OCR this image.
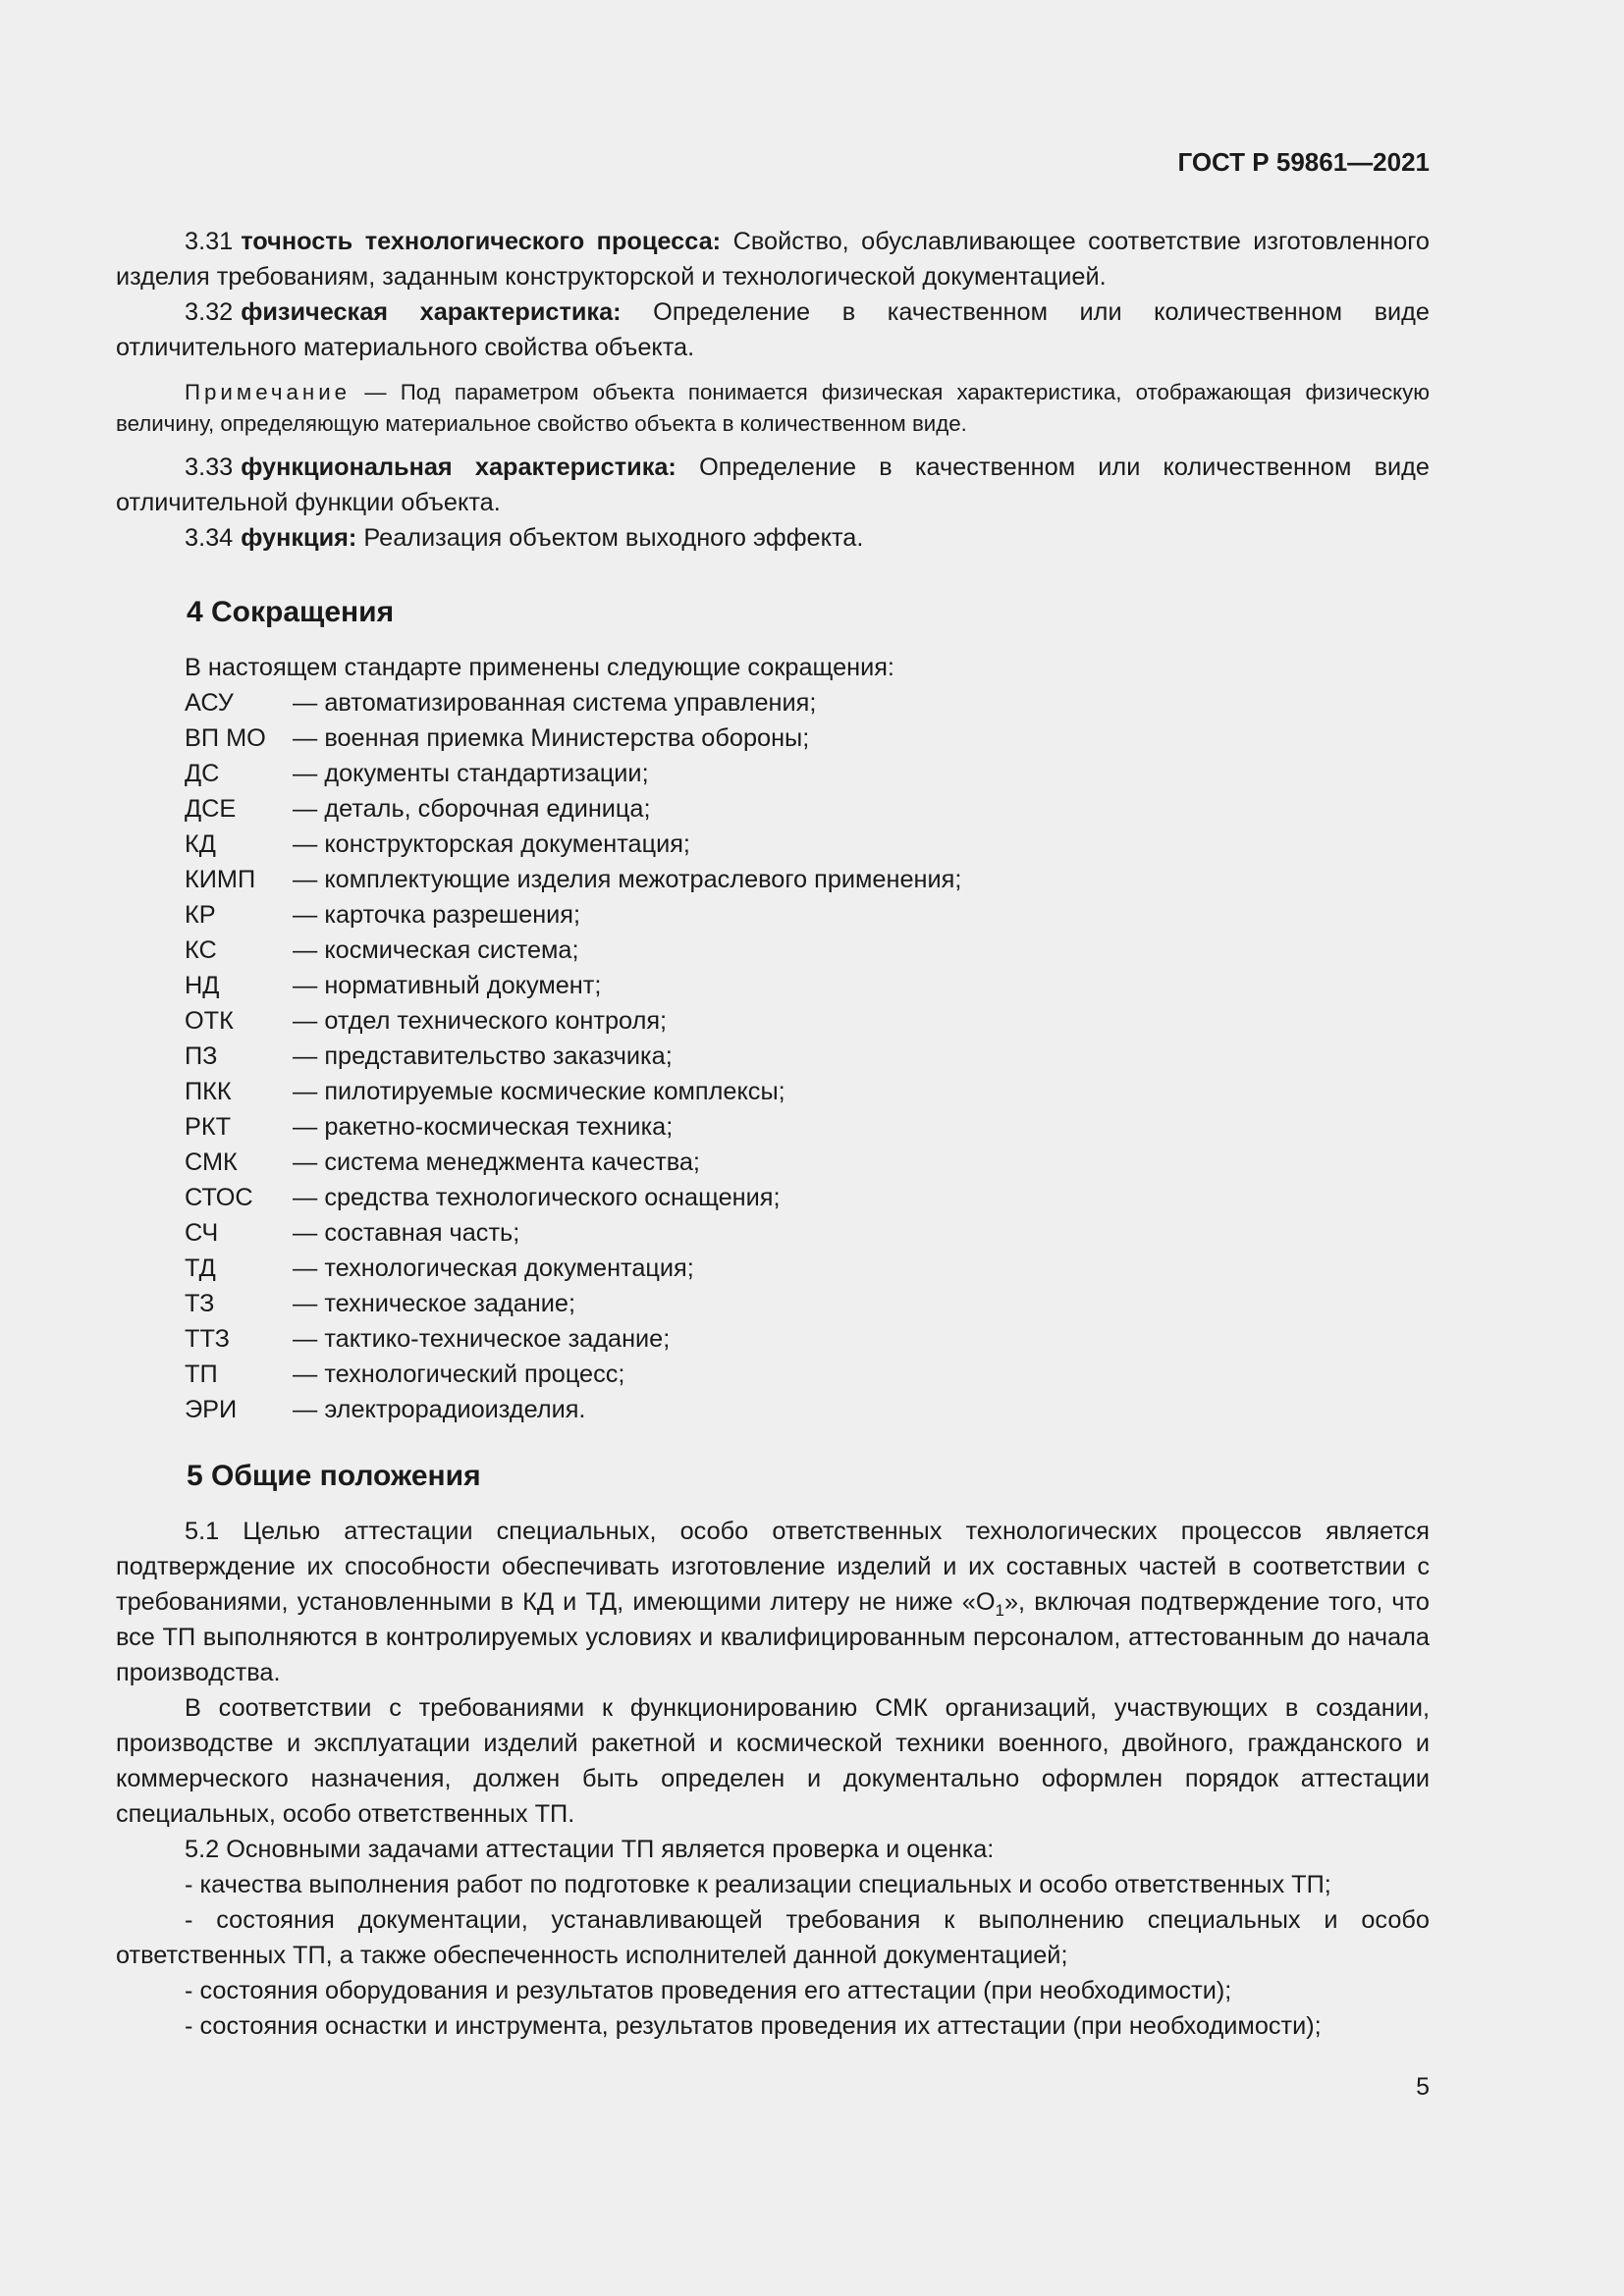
ГОСТ Р 59861—2021

3.31 точность технологического процесса: Свойство, обуславливающее соответствие изготовленного изделия требованиям, заданным конструкторской и технологической документацией.

3.32 физическая характеристика: Определение в качественном или количественном виде отличительного материального свойства объекта.

Примечание — Под параметром объекта понимается физическая характеристика, отображающая физическую величину, определяющую материальное свойство объекта в количественном виде.

3.33 функциональная характеристика: Определение в качественном или количественном виде отличительной функции объекта.

3.34 функция: Реализация объектом выходного эффекта.

4 Сокращения
В настоящем стандарте применены следующие сокращения:
АСУ	— автоматизированная система управления;
ВП МО	— военная приемка Министерства обороны;
ДС	— документы стандартизации;
ДСЕ	— деталь, сборочная единица;
КД	— конструкторская документация;
КИМП	— комплектующие изделия межотраслевого применения;
КР	— карточка разрешения;
КС	— космическая система;
НД	— нормативный документ;
ОТК	— отдел технического контроля;
ПЗ	— представительство заказчика;
ПКК	— пилотируемые космические комплексы;
РКТ	— ракетно-космическая техника;
СМК	— система менеджмента качества;
СТОС	— средства технологического оснащения;
СЧ	— составная часть;
ТД	— технологическая документация;
ТЗ	— техническое задание;
ТТЗ	— тактико-техническое задание;
ТП	— технологический процесс;
ЭРИ	— электрорадиоизделия.
5 Общие положения

5.1 Целью аттестации специальных, особо ответственных технологических процессов является подтверждение их способности обеспечивать изготовление изделий и их составных частей в соответствии с требованиями, установленными в КД и ТД, имеющими литеру не ниже «$О_1$», включая подтверждение того, что все ТП выполняются в контролируемых условиях и квалифицированным персоналом, аттестованным до начала производства.

В соответствии с требованиями к функционированию СМК организаций, участвующих в создании, производстве и эксплуатации изделий ракетной и космической техники военного, двойного, гражданского и коммерческого назначения, должен быть определен и документально оформлен порядок аттестации специальных, особо ответственных ТП.

5.2 Основными задачами аттестации ТП является проверка и оценка:

- качества выполнения работ по подготовке к реализации специальных и особо ответственных ТП;

- состояния документации, устанавливающей требования к выполнению специальных и особо ответственных ТП, а также обеспеченность исполнителей данной документацией;

- состояния оборудования и результатов проведения его аттестации (при необходимости);

- состояния оснастки и инструмента, результатов проведения их аттестации (при необходимости);

5
